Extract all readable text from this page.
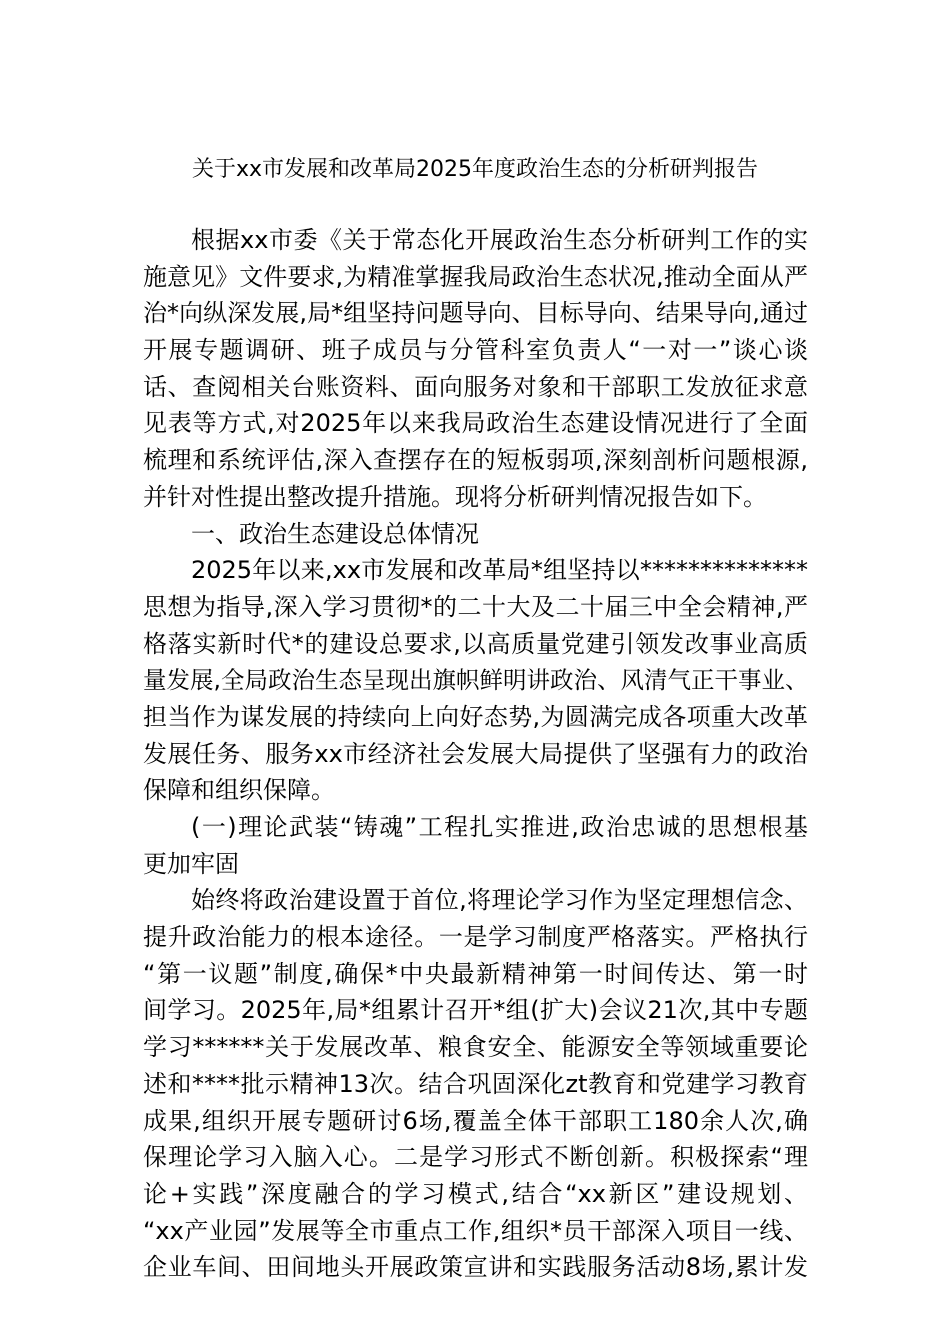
关于xx市发展和改革局2025年度政治生态的分析研判报告
根据xx市委《关于常态化开展政治生态分析研判工作的实
施意见》文件要求,为精准掌握我局政治生态状况,推动全面从严
治*向纵深发展,局*组坚持问题导向、目标导向、结果导向,通过
开展专题调研、班子成员与分管科室负责人“一对一”谈心谈
话、查阅相关台账资料、面向服务对象和干部职工发放征求意
见表等方式,对2025年以来我局政治生态建设情况进行了全面
梳理和系统评估,深入查摆存在的短板弱项,深刻剖析问题根源,
并针对性提出整改提升措施。现将分析研判情况报告如下。
一、政治生态建设总体情况
2025年以来,xx市发展和改革局*组坚持以**************
思想为指导,深入学习贯彻*的二十大及二十届三中全会精神,严
格落实新时代*的建设总要求,以高质量党建引领发改事业高质
量发展,全局政治生态呈现出旗帜鲜明讲政治、风清气正干事业、
担当作为谋发展的持续向上向好态势,为圆满完成各项重大改革
发展任务、服务xx市经济社会发展大局提供了坚强有力的政治
保障和组织保障。
(一)理论武装“铸魂”工程扎实推进,政治忠诚的思想根基
更加牢固
始终将政治建设置于首位,将理论学习作为坚定理想信念、
提升政治能力的根本途径。一是学习制度严格落实。严格执行
“第一议题”制度,确保*中央最新精神第一时间传达、第一时
间学习。2025年,局*组累计召开*组(扩大)会议21次,其中专题
学习******关于发展改革、粮食安全、能源安全等领域重要论
述和****批示精神13次。结合巩固深化zt教育和党建学习教育
成果,组织开展专题研讨6场,覆盖全体干部职工180余人次,确
保理论学习入脑入心。二是学习形式不断创新。积极探索“理
论+实践”深度融合的学习模式,结合“xx新区”建设规划、
“xx产业园”发展等全市重点工作,组织*员干部深入项目一线、
企业车间、田间地头开展政策宣讲和实践服务活动8场,累计发
